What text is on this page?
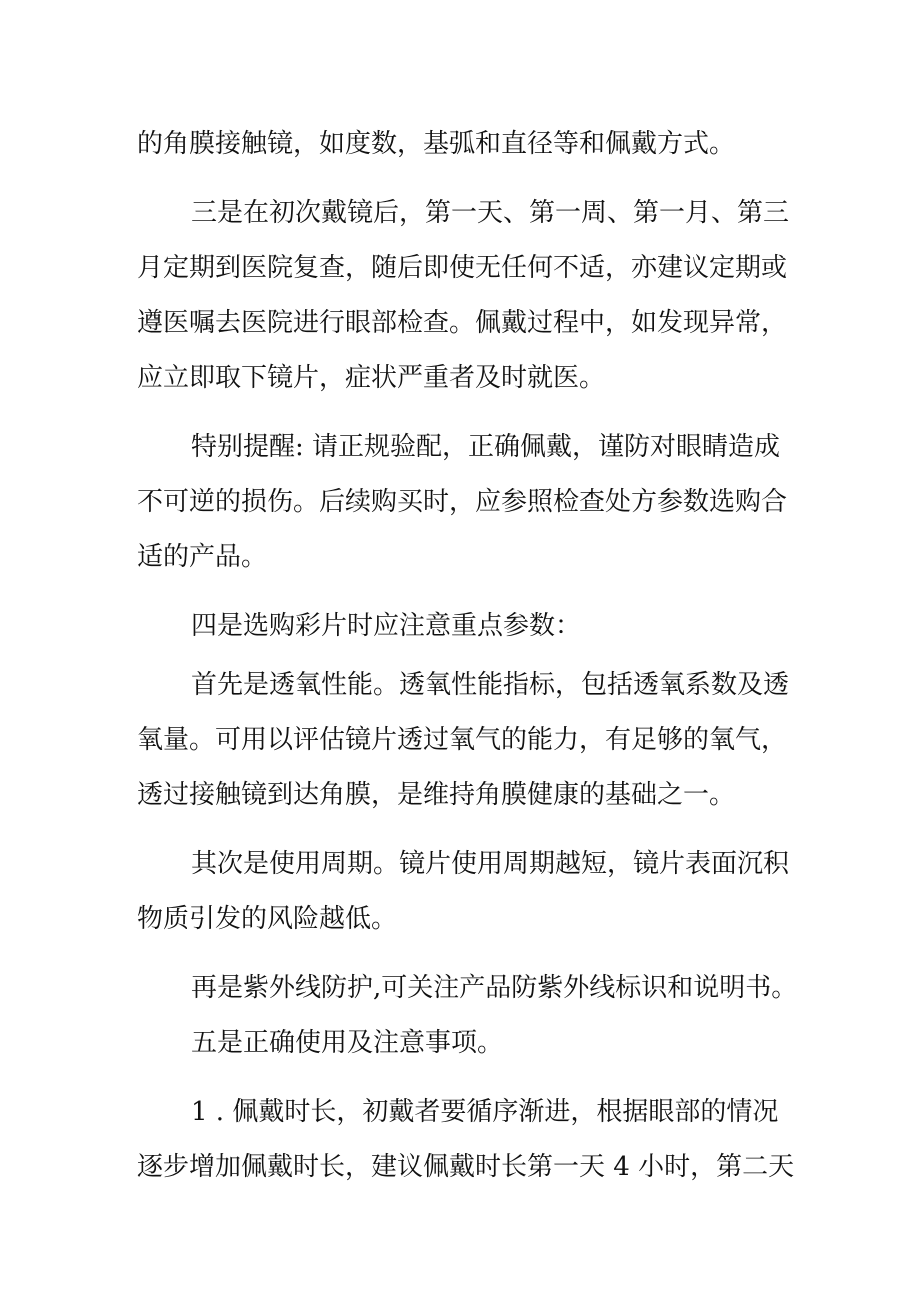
的角膜接触镜，如度数，基弧和直径等和佩戴方式。
三是在初次戴镜后，第一天、第一周、第一月、第三
月定期到医院复查，随后即使无任何不适，亦建议定期或
遵医嘱去医院进行眼部检查。佩戴过程中，如发现异常，
应立即取下镜片，症状严重者及时就医。
特别提醒: 请正规验配，正确佩戴，谨防对眼睛造成
不可逆的损伤。后续购买时，应参照检查处方参数选购合
适的产品。
四是选购彩片时应注意重点参数：
首先是透氧性能。透氧性能指标，包括透氧系数及透
氧量。可用以评估镜片透过氧气的能力，有足够的氧气，
透过接触镜到达角膜，是维持角膜健康的基础之一。
其次是使用周期。镜片使用周期越短，镜片表面沉积
物质引发的风险越低。
再是紫外线防护,可关注产品防紫外线标识和说明书。
五是正确使用及注意事项。
1 . 佩戴时长，初戴者要循序渐进，根据眼部的情况
逐步增加佩戴时长，建议佩戴时长第一天 4 小时，第二天
